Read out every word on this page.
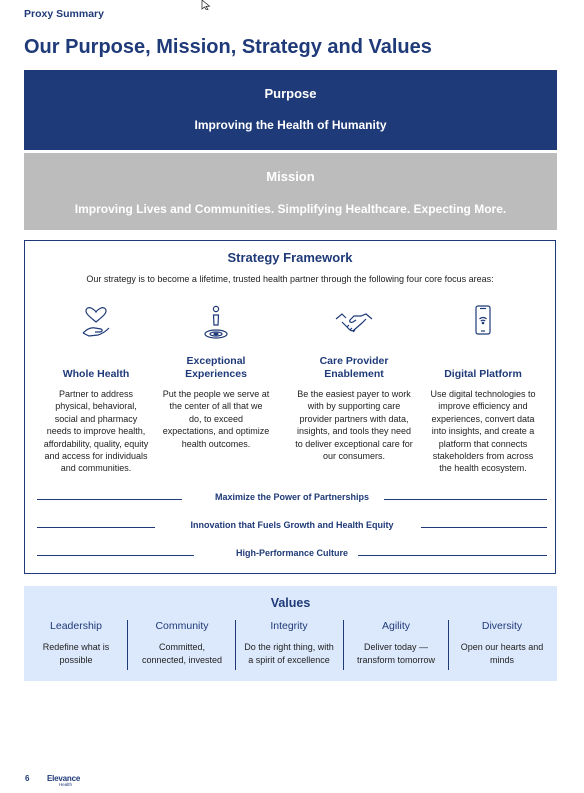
Proxy Summary
Our Purpose, Mission, Strategy and Values
Purpose
Improving the Health of Humanity
Mission
Improving Lives and Communities. Simplifying Healthcare. Expecting More.
Strategy Framework
Our strategy is to become a lifetime, trusted health partner through the following four core focus areas:
Whole Health
Partner to address
physical, behavioral,
social and pharmacy
needs to improve health,
affordability, quality, equity
and access for individuals
and communities.
Exceptional
Experiences
Put the people we serve at
the center of all that we
do, to exceed
expectations, and optimize
health outcomes.
Care Provider
Enablement
Be the easiest payer to work
with by supporting care
provider partners with data,
insights, and tools they need
to deliver exceptional care for
our consumers.
Digital Platform
Use digital technologies to
improve efficiency and
experiences, convert data
into insights, and create a
platform that connects
stakeholders from across
the health ecosystem.
Maximize the Power of Partnerships
Innovation that Fuels Growth and Health Equity
High-Performance Culture
Values
Leadership
Redefine what is
possible
Community
Committed,
connected, invested
Integrity
Do the right thing, with
a spirit of excellence
Agility
Deliver today —
transform tomorrow
Diversity
Open our hearts and
minds
6 Elevance
Health
